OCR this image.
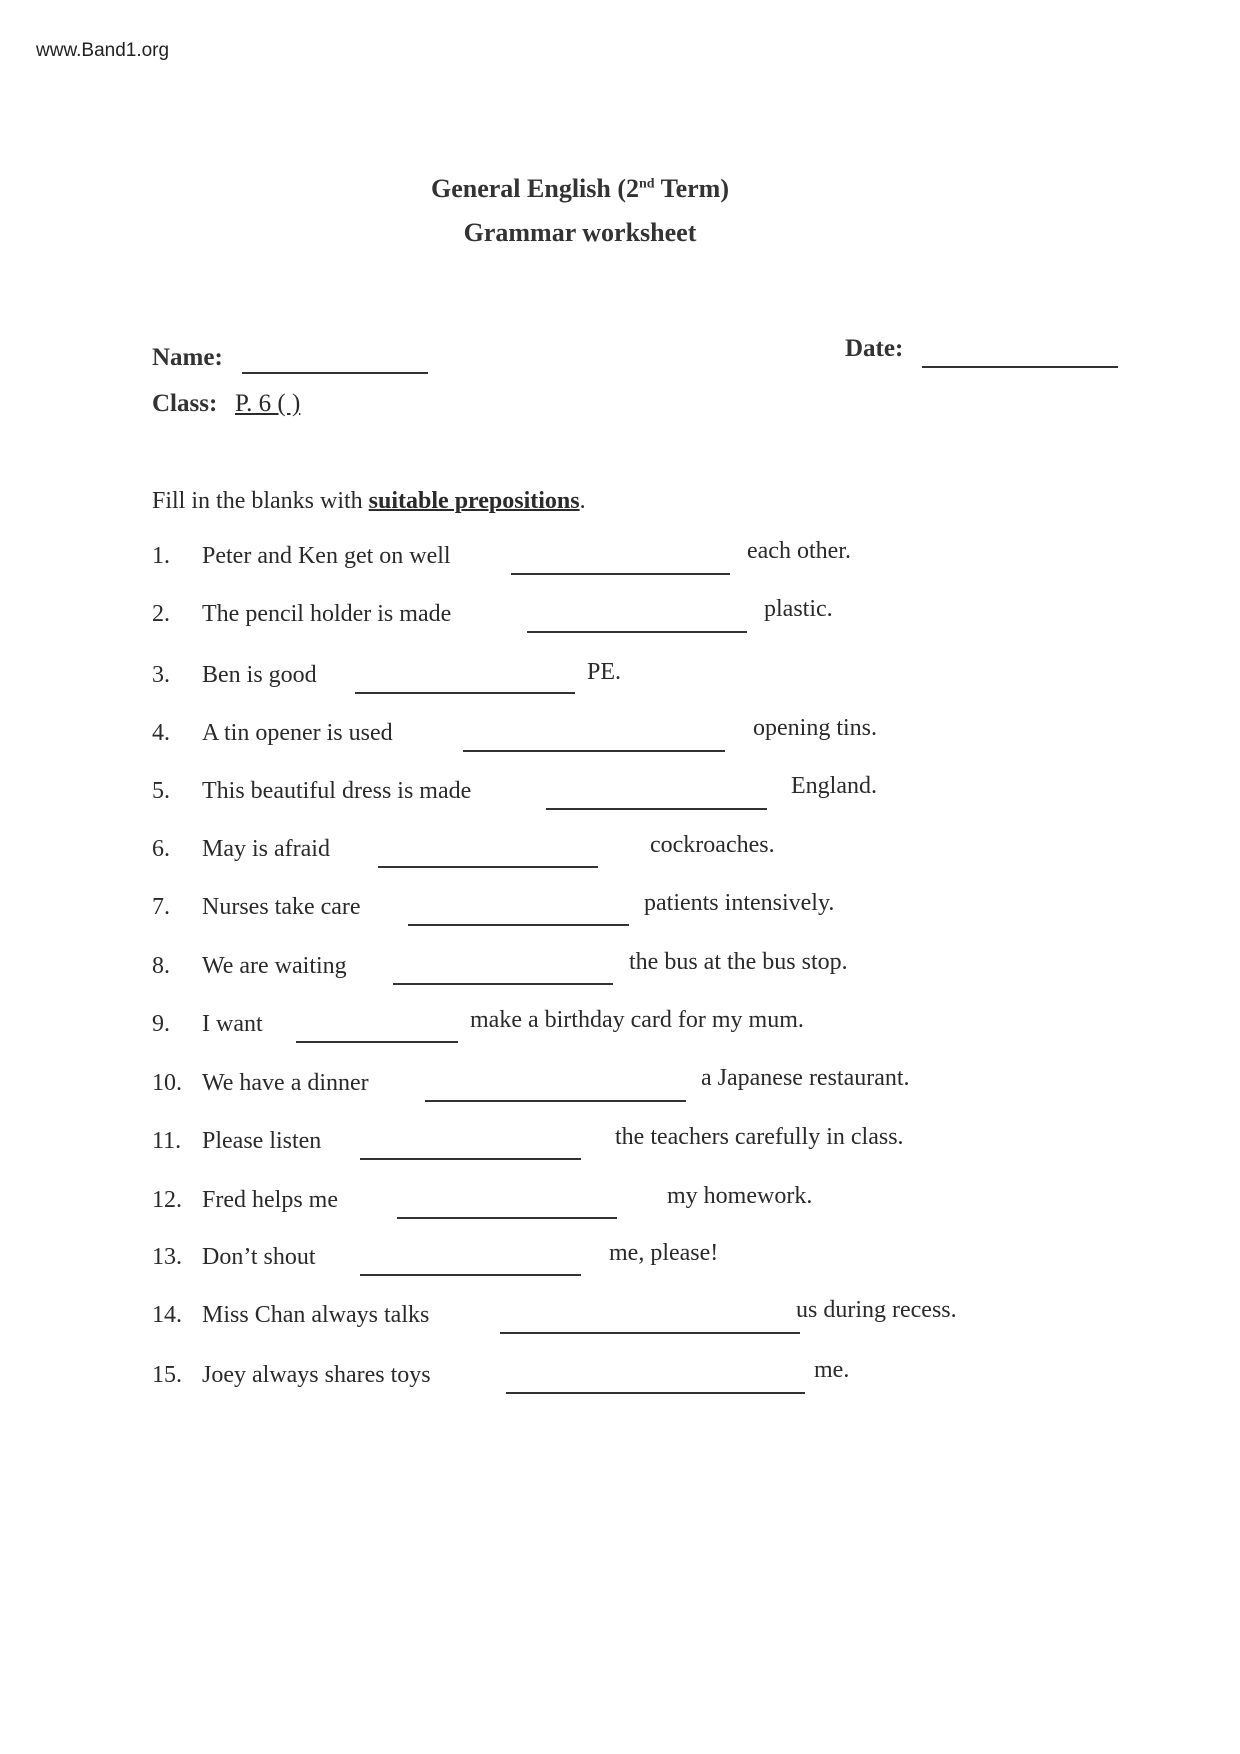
www.Band1.org
General English (2nd Term)
Grammar worksheet
Name:	Date:
Class: P. 6 ( )
Fill in the blanks with suitable prepositions.
1. Peter and Ken get on well	each other.
2. The pencil holder is made	plastic.
3. Ben is good	PE.
4. A tin opener is used	opening tins.
5. This beautiful dress is made	England.
6. May is afraid	cockroaches.
7. Nurses take care	patients intensively.
8. We are waiting	the bus at the bus stop.
9. I want	make a birthday card for my mum.
10. We have a dinner	a Japanese restaurant.
11. Please listen	the teachers carefully in class.
12. Fred helps me	my homework.
13. Don’t shout	me, please!
14. Miss Chan always talks	us during recess.
15. Joey always shares toys	me.
